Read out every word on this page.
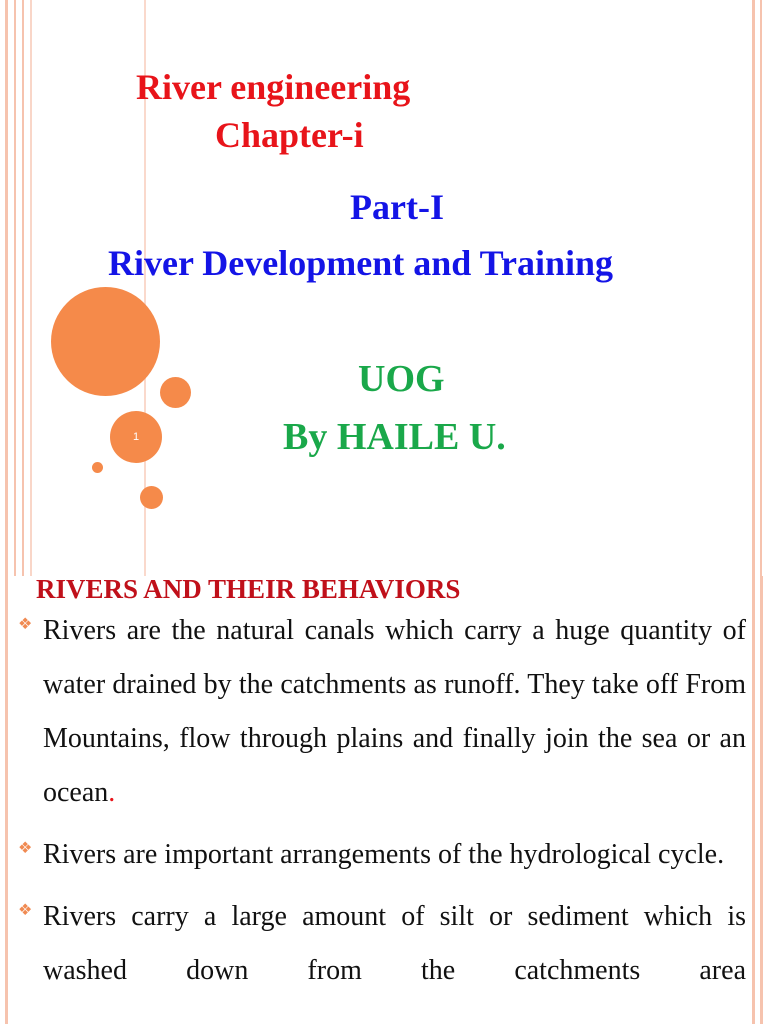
1
River engineering
Chapter-i
Part-I
River Development and Training
UOG
By HAILE U.
RIVERS AND THEIR BEHAVIORS
❖ Rivers are the natural canals which carry a huge quantity of water drained by the catchments as runoff. They take off From Mountains, flow through plains and finally join the sea or an ocean.
❖ Rivers are important arrangements of the hydrological cycle.
❖ Rivers carry a large amount of silt or sediment which is washed down from the catchments area
